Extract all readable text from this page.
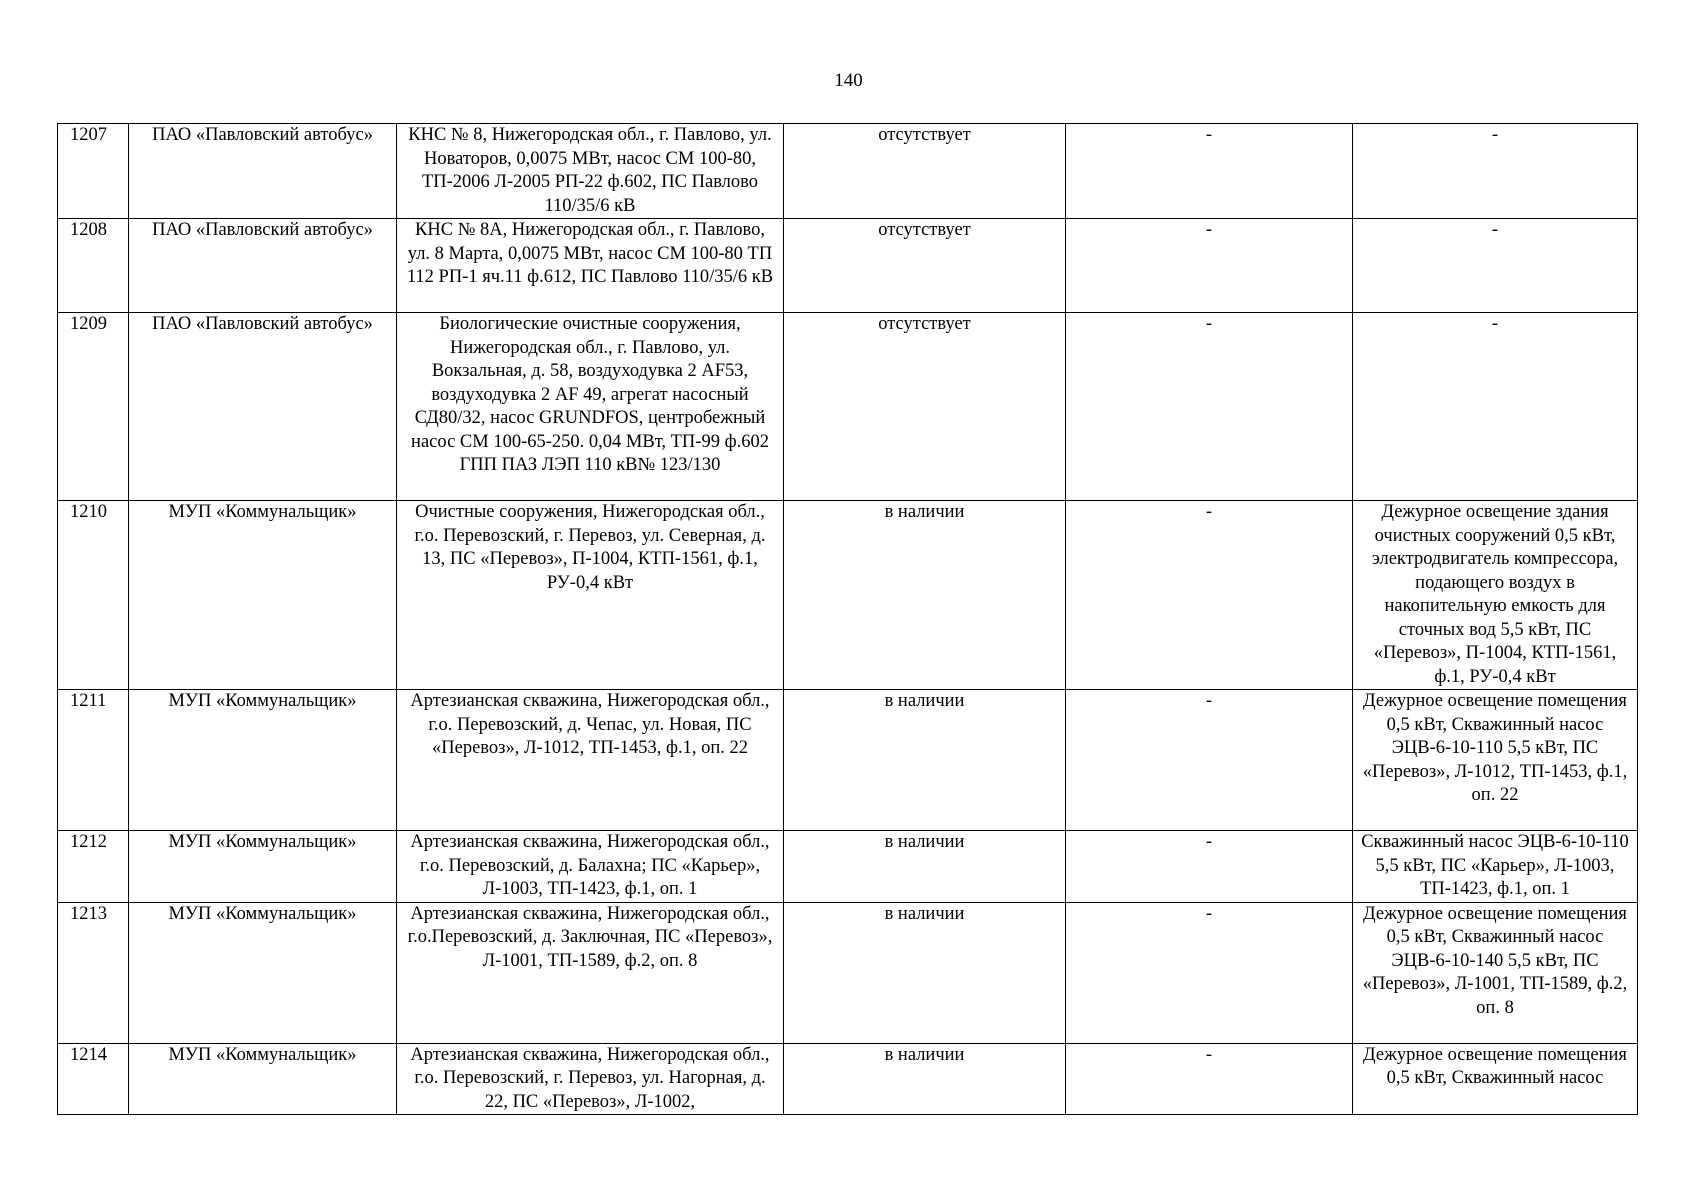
140
1207	ПАО «Павловский автобус»	КНС № 8, Нижегородская обл., г. Павлово, ул. Новаторов, 0,0075 МВт, насос СМ 100-80, ТП-2006 Л-2005 РП-22 ф.602, ПС Павлово 110/35/6 кВ	отсутствует	-	-
1208	ПАО «Павловский автобус»	КНС № 8А, Нижегородская обл., г. Павлово, ул. 8 Марта, 0,0075 МВт, насос СМ 100-80 ТП 112 РП-1 яч.11 ф.612, ПС Павлово 110/35/6 кВ	отсутствует	-	-
1209	ПАО «Павловский автобус»	Биологические очистные сооружения, Нижегородская обл., г. Павлово, ул. Вокзальная, д. 58, воздуходувка 2 AF53, воздуходувка 2 AF 49, агрегат насосный СД80/32, насос GRUNDFOS, центробежный насос СМ 100-65-250. 0,04 МВт, ТП-99 ф.602 ГПП ПАЗ ЛЭП 110 кВ№ 123/130	отсутствует	-	-
1210	МУП «Коммунальщик»	Очистные сооружения, Нижегородская обл., г.о. Перевозский, г. Перевоз, ул. Северная, д. 13, ПС «Перевоз», П-1004, КТП-1561, ф.1, РУ-0,4 кВт	в наличии	-	Дежурное освещение здания очистных сооружений 0,5 кВт, электродвигатель компрессора, подающего воздух в накопительную емкость для сточных вод 5,5 кВт, ПС «Перевоз», П-1004, КТП-1561, ф.1, РУ-0,4 кВт
1211	МУП «Коммунальщик»	Артезианская скважина, Нижегородская обл., г.о. Перевозский, д. Чепас, ул. Новая, ПС «Перевоз», Л-1012, ТП-1453, ф.1, оп. 22	в наличии	-	Дежурное освещение помещения 0,5 кВт, Скважинный насос ЭЦВ-6-10-110 5,5 кВт, ПС «Перевоз», Л-1012, ТП-1453, ф.1, оп. 22
1212	МУП «Коммунальщик»	Артезианская скважина, Нижегородская обл., г.о. Перевозский, д. Балахна; ПС «Карьер», Л-1003, ТП-1423, ф.1, оп. 1	в наличии	-	Скважинный насос ЭЦВ-6-10-110 5,5 кВт, ПС «Карьер», Л-1003, ТП-1423, ф.1, оп. 1
1213	МУП «Коммунальщик»	Артезианская скважина, Нижегородская обл., г.о.Перевозский, д. Заключная, ПС «Перевоз», Л-1001, ТП-1589, ф.2, оп. 8	в наличии	-	Дежурное освещение помещения 0,5 кВт, Скважинный насос ЭЦВ-6-10-140 5,5 кВт, ПС «Перевоз», Л-1001, ТП-1589, ф.2, оп. 8
1214	МУП «Коммунальщик»	Артезианская скважина, Нижегородская обл., г.о. Перевозский, г. Перевоз, ул. Нагорная, д. 22, ПС «Перевоз», Л-1002,	в наличии	-	Дежурное освещение помещения 0,5 кВт, Скважинный насос
